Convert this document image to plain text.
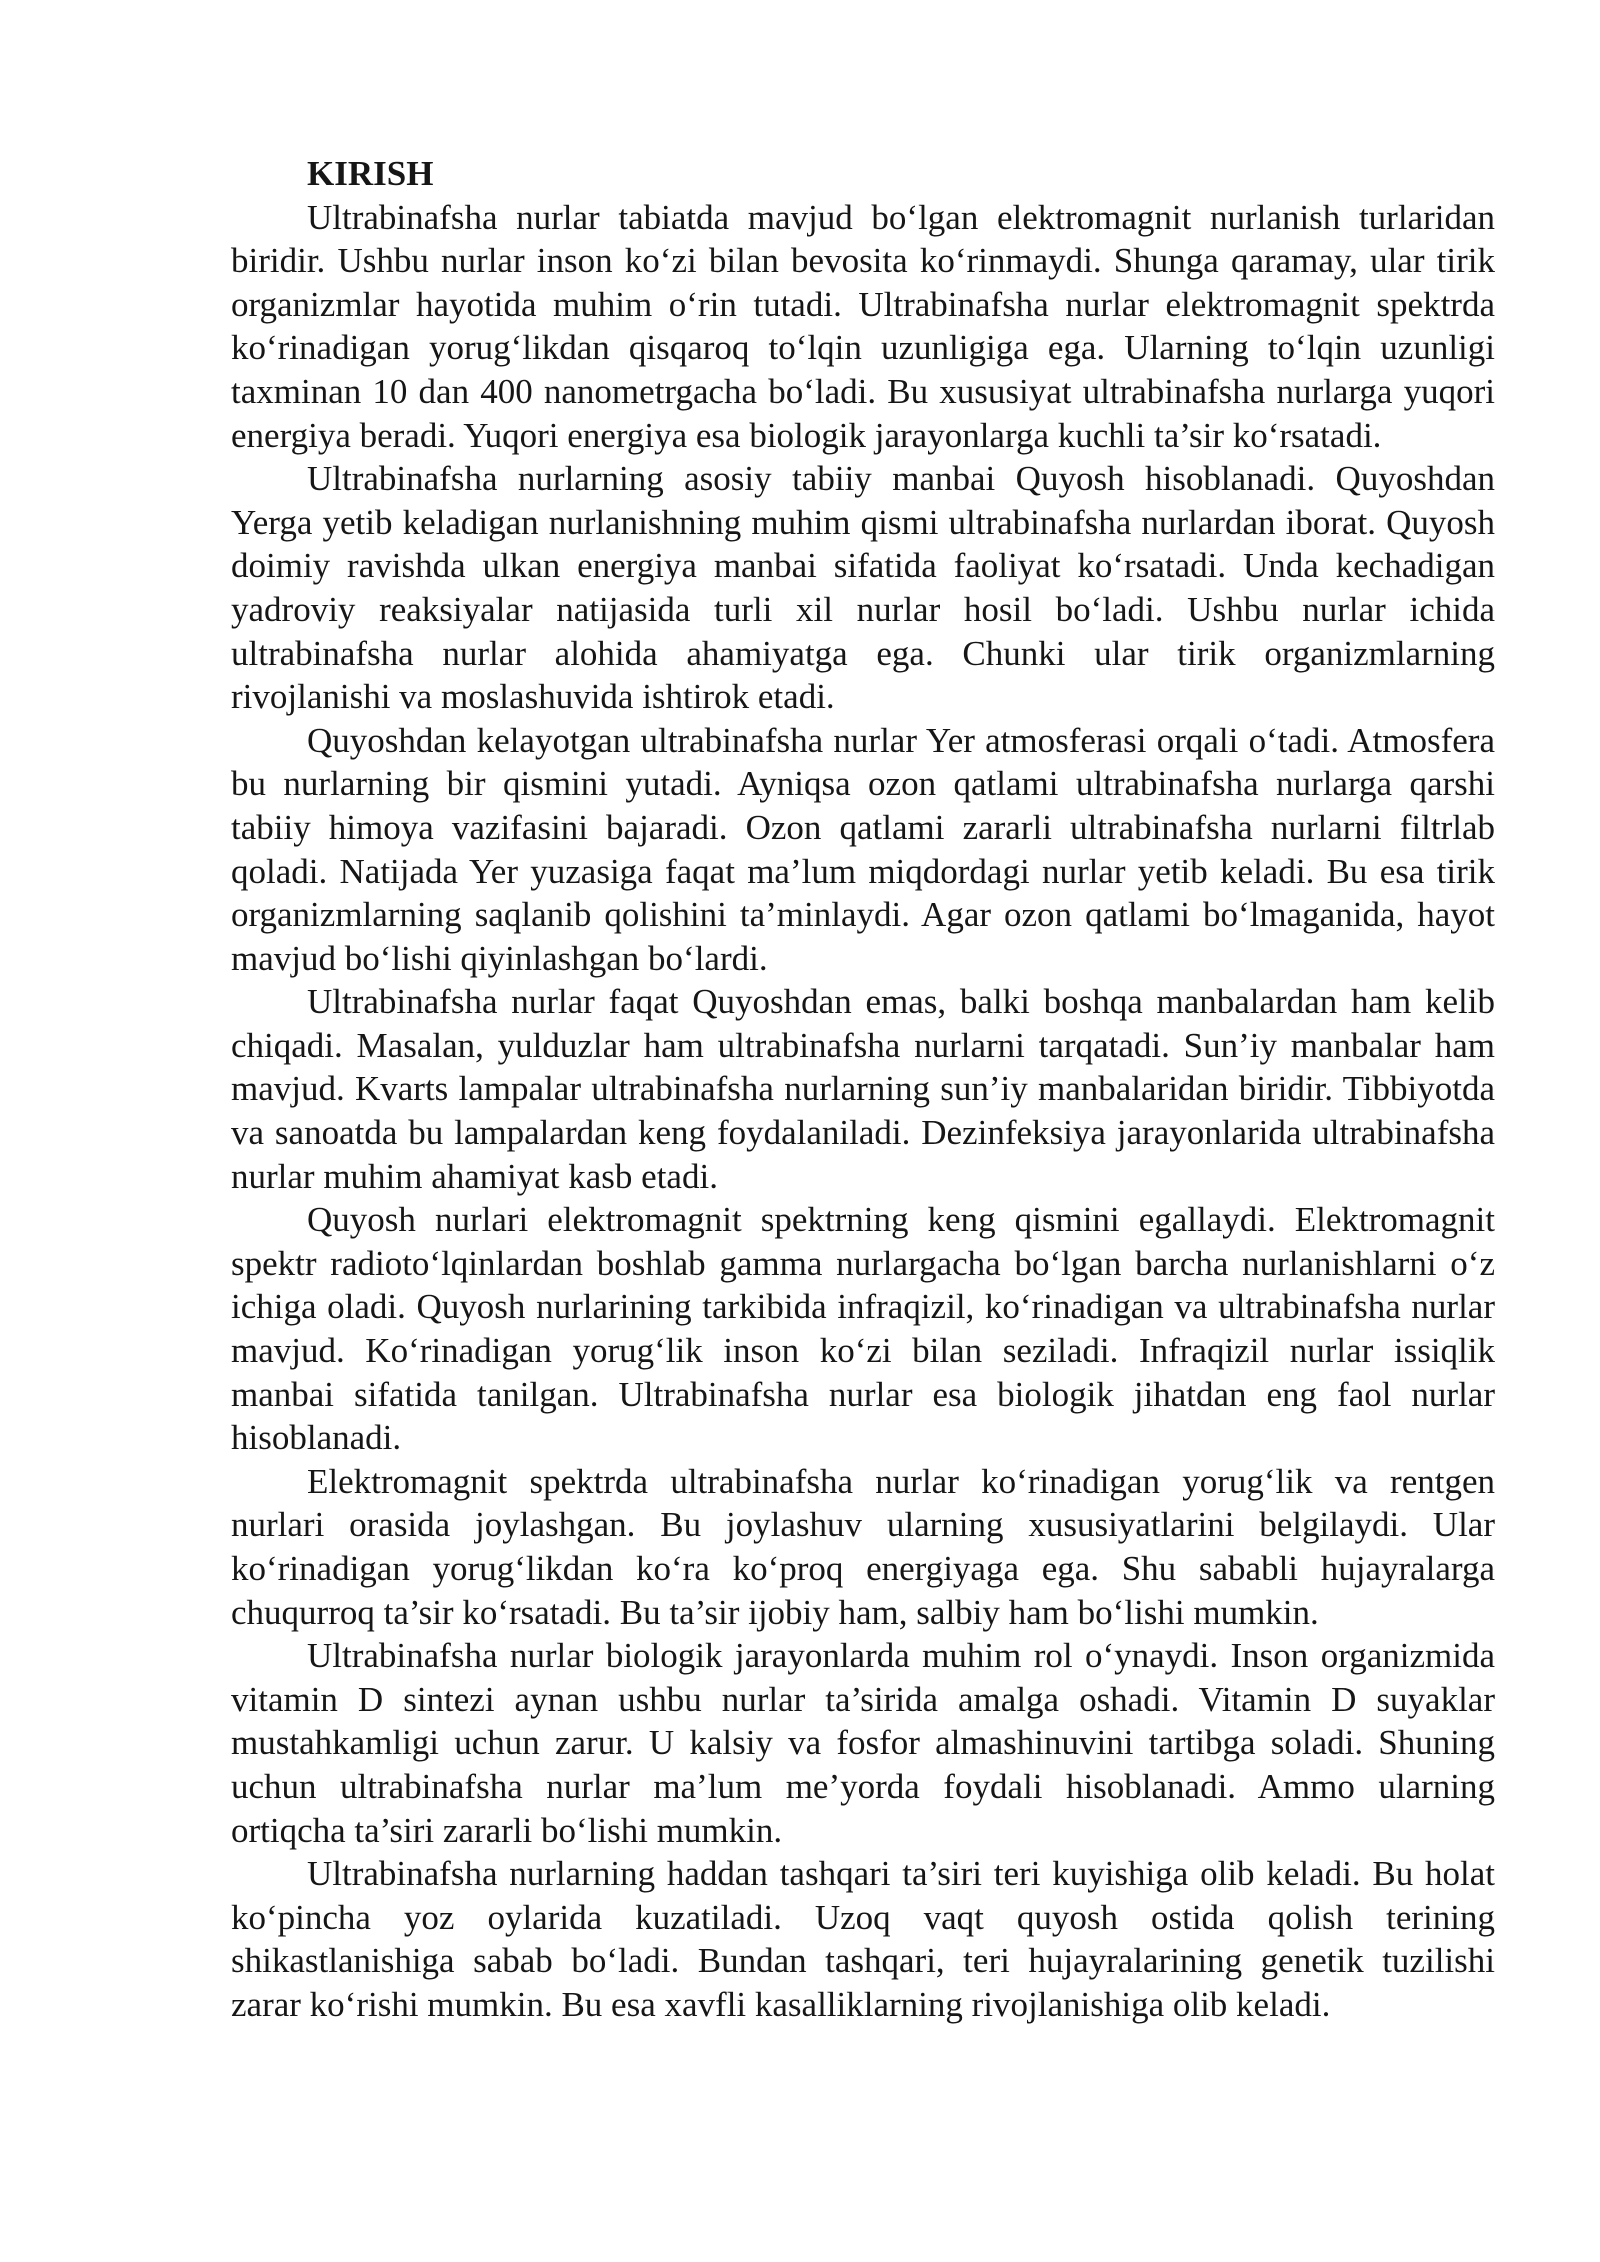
KIRISH

Ultrabinafsha nurlar tabiatda mavjud bo‘lgan elektromagnit nurlanish turlaridan biridir. Ushbu nurlar inson ko‘zi bilan bevosita ko‘rinmaydi. Shunga qaramay, ular tirik organizmlar hayotida muhim o‘rin tutadi. Ultrabinafsha nurlar elektromagnit spektrda ko‘rinadigan yorug‘likdan qisqaroq to‘lqin uzunligiga ega. Ularning to‘lqin uzunligi taxminan 10 dan 400 nanometrgacha bo‘ladi. Bu xususiyat ultrabinafsha nurlarga yuqori energiya beradi. Yuqori energiya esa biologik jarayonlarga kuchli ta’sir ko‘rsatadi.

Ultrabinafsha nurlarning asosiy tabiiy manbai Quyosh hisoblanadi. Quyoshdan Yerga yetib keladigan nurlanishning muhim qismi ultrabinafsha nurlardan iborat. Quyosh doimiy ravishda ulkan energiya manbai sifatida faoliyat ko‘rsatadi. Unda kechadigan yadroviy reaksiyalar natijasida turli xil nurlar hosil bo‘ladi. Ushbu nurlar ichida ultrabinafsha nurlar alohida ahamiyatga ega. Chunki ular tirik organizmlarning rivojlanishi va moslashuvida ishtirok etadi.

Quyoshdan kelayotgan ultrabinafsha nurlar Yer atmosferasi orqali o‘tadi. Atmosfera bu nurlarning bir qismini yutadi. Ayniqsa ozon qatlami ultrabinafsha nurlarga qarshi tabiiy himoya vazifasini bajaradi. Ozon qatlami zararli ultrabinafsha nurlarni filtrlab qoladi. Natijada Yer yuzasiga faqat ma’lum miqdordagi nurlar yetib keladi. Bu esa tirik organizmlarning saqlanib qolishini ta’minlaydi. Agar ozon qatlami bo‘lmaganida, hayot mavjud bo‘lishi qiyinlashgan bo‘lardi.

Ultrabinafsha nurlar faqat Quyoshdan emas, balki boshqa manbalardan ham kelib chiqadi. Masalan, yulduzlar ham ultrabinafsha nurlarni tarqatadi. Sun’iy manbalar ham mavjud. Kvarts lampalar ultrabinafsha nurlarning sun’iy manbalaridan biridir. Tibbiyotda va sanoatda bu lampalardan keng foydalaniladi. Dezinfeksiya jarayonlarida ultrabinafsha nurlar muhim ahamiyat kasb etadi.

Quyosh nurlari elektromagnit spektrning keng qismini egallaydi. Elektromagnit spektr radioto‘lqinlardan boshlab gamma nurlargacha bo‘lgan barcha nurlanishlarni o‘z ichiga oladi. Quyosh nurlarining tarkibida infraqizil, ko‘rinadigan va ultrabinafsha nurlar mavjud. Ko‘rinadigan yorug‘lik inson ko‘zi bilan seziladi. Infraqizil nurlar issiqlik manbai sifatida tanilgan. Ultrabinafsha nurlar esa biologik jihatdan eng faol nurlar hisoblanadi.

Elektromagnit spektrda ultrabinafsha nurlar ko‘rinadigan yorug‘lik va rentgen nurlari orasida joylashgan. Bu joylashuv ularning xususiyatlarini belgilaydi. Ular ko‘rinadigan yorug‘likdan ko‘ra ko‘proq energiyaga ega. Shu sababli hujayralarga chuqurroq ta’sir ko‘rsatadi. Bu ta’sir ijobiy ham, salbiy ham bo‘lishi mumkin.

Ultrabinafsha nurlar biologik jarayonlarda muhim rol o‘ynaydi. Inson organizmida vitamin D sintezi aynan ushbu nurlar ta’sirida amalga oshadi. Vitamin D suyaklar mustahkamligi uchun zarur. U kalsiy va fosfor almashinuvini tartibga soladi. Shuning uchun ultrabinafsha nurlar ma’lum me’yorda foydali hisoblanadi. Ammo ularning ortiqcha ta’siri zararli bo‘lishi mumkin.

Ultrabinafsha nurlarning haddan tashqari ta’siri teri kuyishiga olib keladi. Bu holat ko‘pincha yoz oylarida kuzatiladi. Uzoq vaqt quyosh ostida qolish terining shikastlanishiga sabab bo‘ladi. Bundan tashqari, teri hujayralarining genetik tuzilishi zarar ko‘rishi mumkin. Bu esa xavfli kasalliklarning rivojlanishiga olib keladi.
